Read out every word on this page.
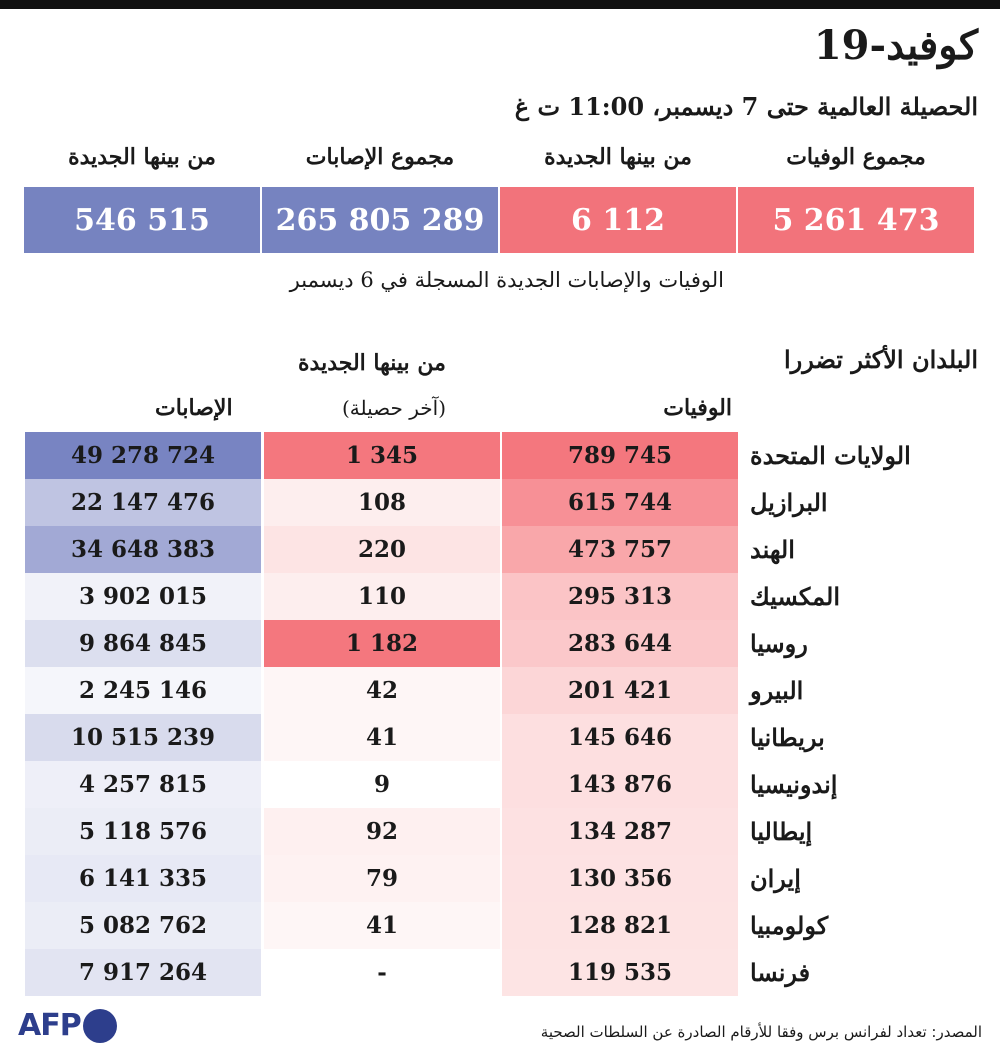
كوفيد-19
الحصيلة العالمية حتى 7 ديسمبر، 11:00 ت غ
مجموع الوفيات
من بينها الجديدة
مجموع الإصابات
من بينها الجديدة
5 261 473
6 112
265 805 289
546 515

الوفيات والإصابات الجديدة المسجلة في 6 ديسمبر

البلدان الأكثر تضررا
الوفيات
من بينها الجديدة
(آخر حصيلة)
الإصابات
الولايات المتحدة
789 745
1 345
49 278 724
البرازيل
615 744
108
22 147 476
الهند
473 757
220
34 648 383
المكسيك
295 313
110
3 902 015
روسيا
283 644
1 182
9 864 845
البيرو
201 421
42
2 245 146
بريطانيا
145 646
41
10 515 239
إندونيسيا
143 876
9
4 257 815
إيطاليا
134 287
92
5 118 576
إيران
130 356
79
6 141 335
كولومبيا
128 821
41
5 082 762
فرنسا
119 535
-
7 917 264

المصدر: تعداد لفرانس برس وفقا للأرقام الصادرة عن السلطات الصحية

AFP
